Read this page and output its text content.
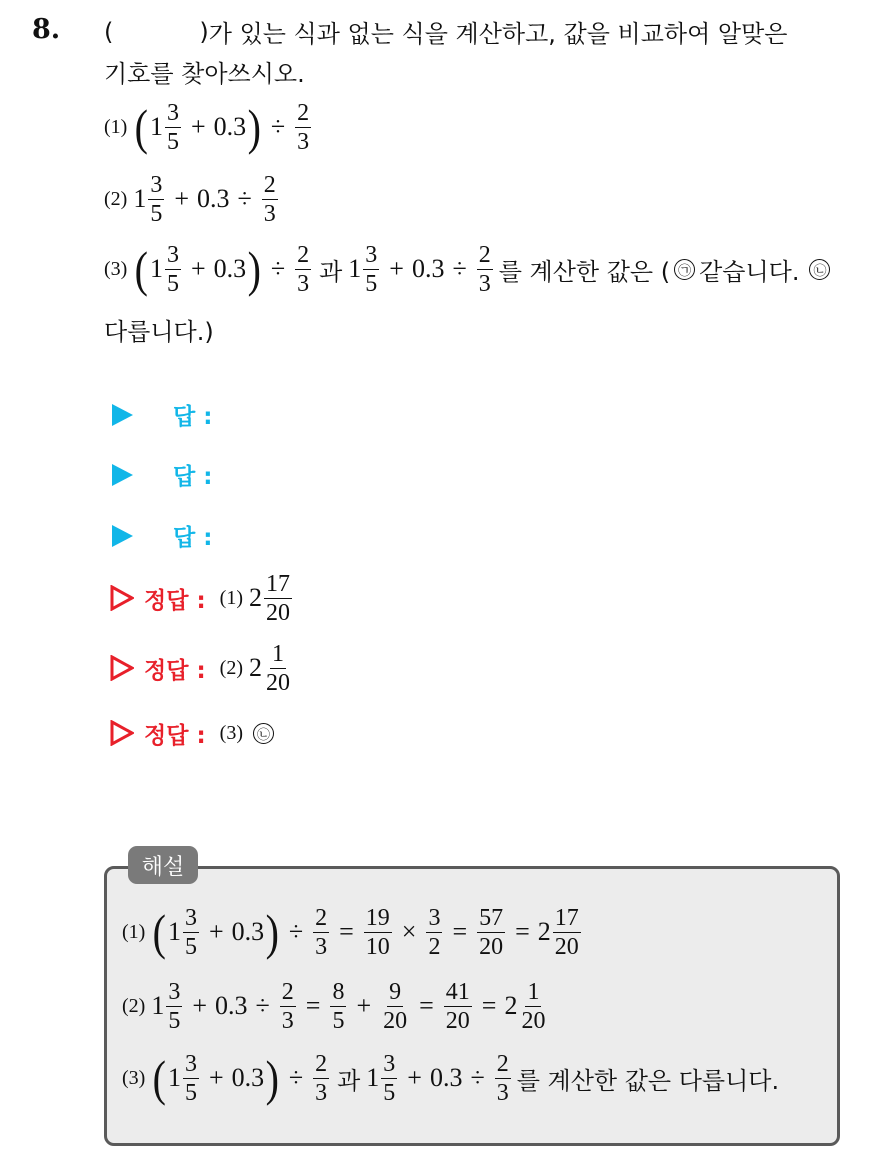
8. (	) 가 있는 식과 없는 식을 계산하고, 값을 비교하여 알맞은
기호를 찾아쓰시오.
(1) ( $1 \frac{3}{5} + 0.3$ ) ÷ $\frac{2}{3}$
(2) $1 \frac{3}{5} + 0.3 \div \frac{2}{3}$
(3) ( $1 \frac{3}{5} + 0.3$ ) ÷ $\frac{2}{3}$ 과 $1 \frac{3}{5} + 0.3 \div \frac{2}{3}$ 를 계산한 값은 ( ㉠ 같습니다.	㉡
다릅니다.)
답 :
답 :
답 :
정답 : (1) $2 \frac{17}{20}$
정답 : (2) $2 \frac{1}{20}$
정답 : (3)	㉡
해설
(1) ( $1 \frac{3}{5} + 0.3$ ) ÷ $\frac{2}{3} = \frac{19}{10} \times \frac{3}{2} = \frac{57}{20} = 2 \frac{17}{20}$
(2) $1 \frac{3}{5} + 0.3 \div \frac{2}{3} = \frac{8}{5} + \frac{9}{20} = \frac{41}{20} = 2 \frac{1}{20}$
(3) ( $1 \frac{3}{5} + 0.3$ ) ÷ $\frac{2}{3}$ 과 $1 \frac{3}{5} + 0.3 \div \frac{2}{3}$ 를 계산한 값은 다릅니다.
